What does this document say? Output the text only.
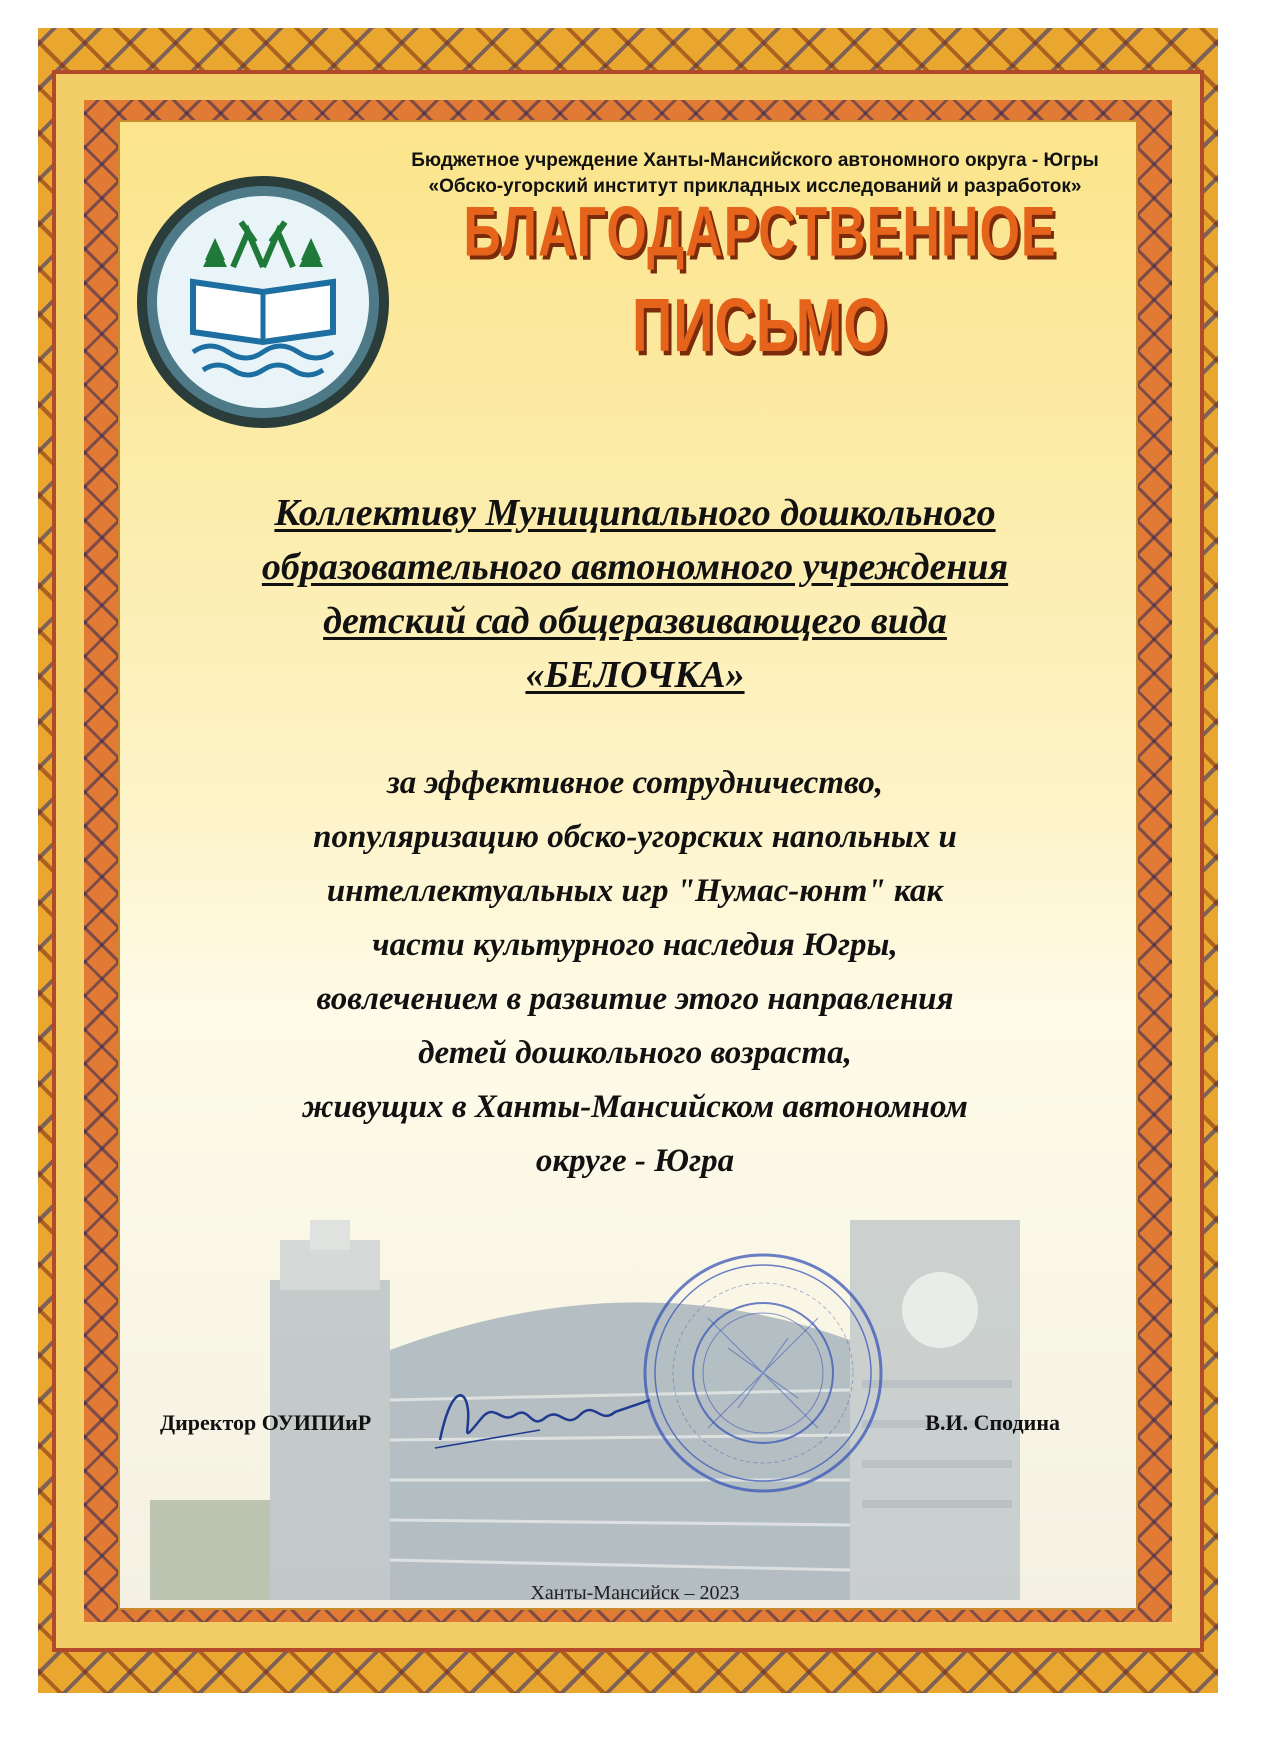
Бюджетное учреждение Ханты-Мансийского автономного округа - Югры
«Обско-угорский институт прикладных исследований и разработок»
БЛАГОДАРСТВЕННОЕ
ПИСЬМО
Коллективу Муниципального дошкольного
образовательного автономного учреждения
детский сад общеразвивающего вида
«БЕЛОЧКА»
за эффективное сотрудничество,
популяризацию обско-угорских напольных и
интеллектуальных игр "Нумас-юнт" как
части культурного наследия Югры,
вовлечением в развитие этого направления
детей дошкольного возраста,
живущих в Ханты-Мансийском автономном
округе - Югра
Директор ОУИПИиР	В.И. Сподина
Ханты-Мансийск – 2023
